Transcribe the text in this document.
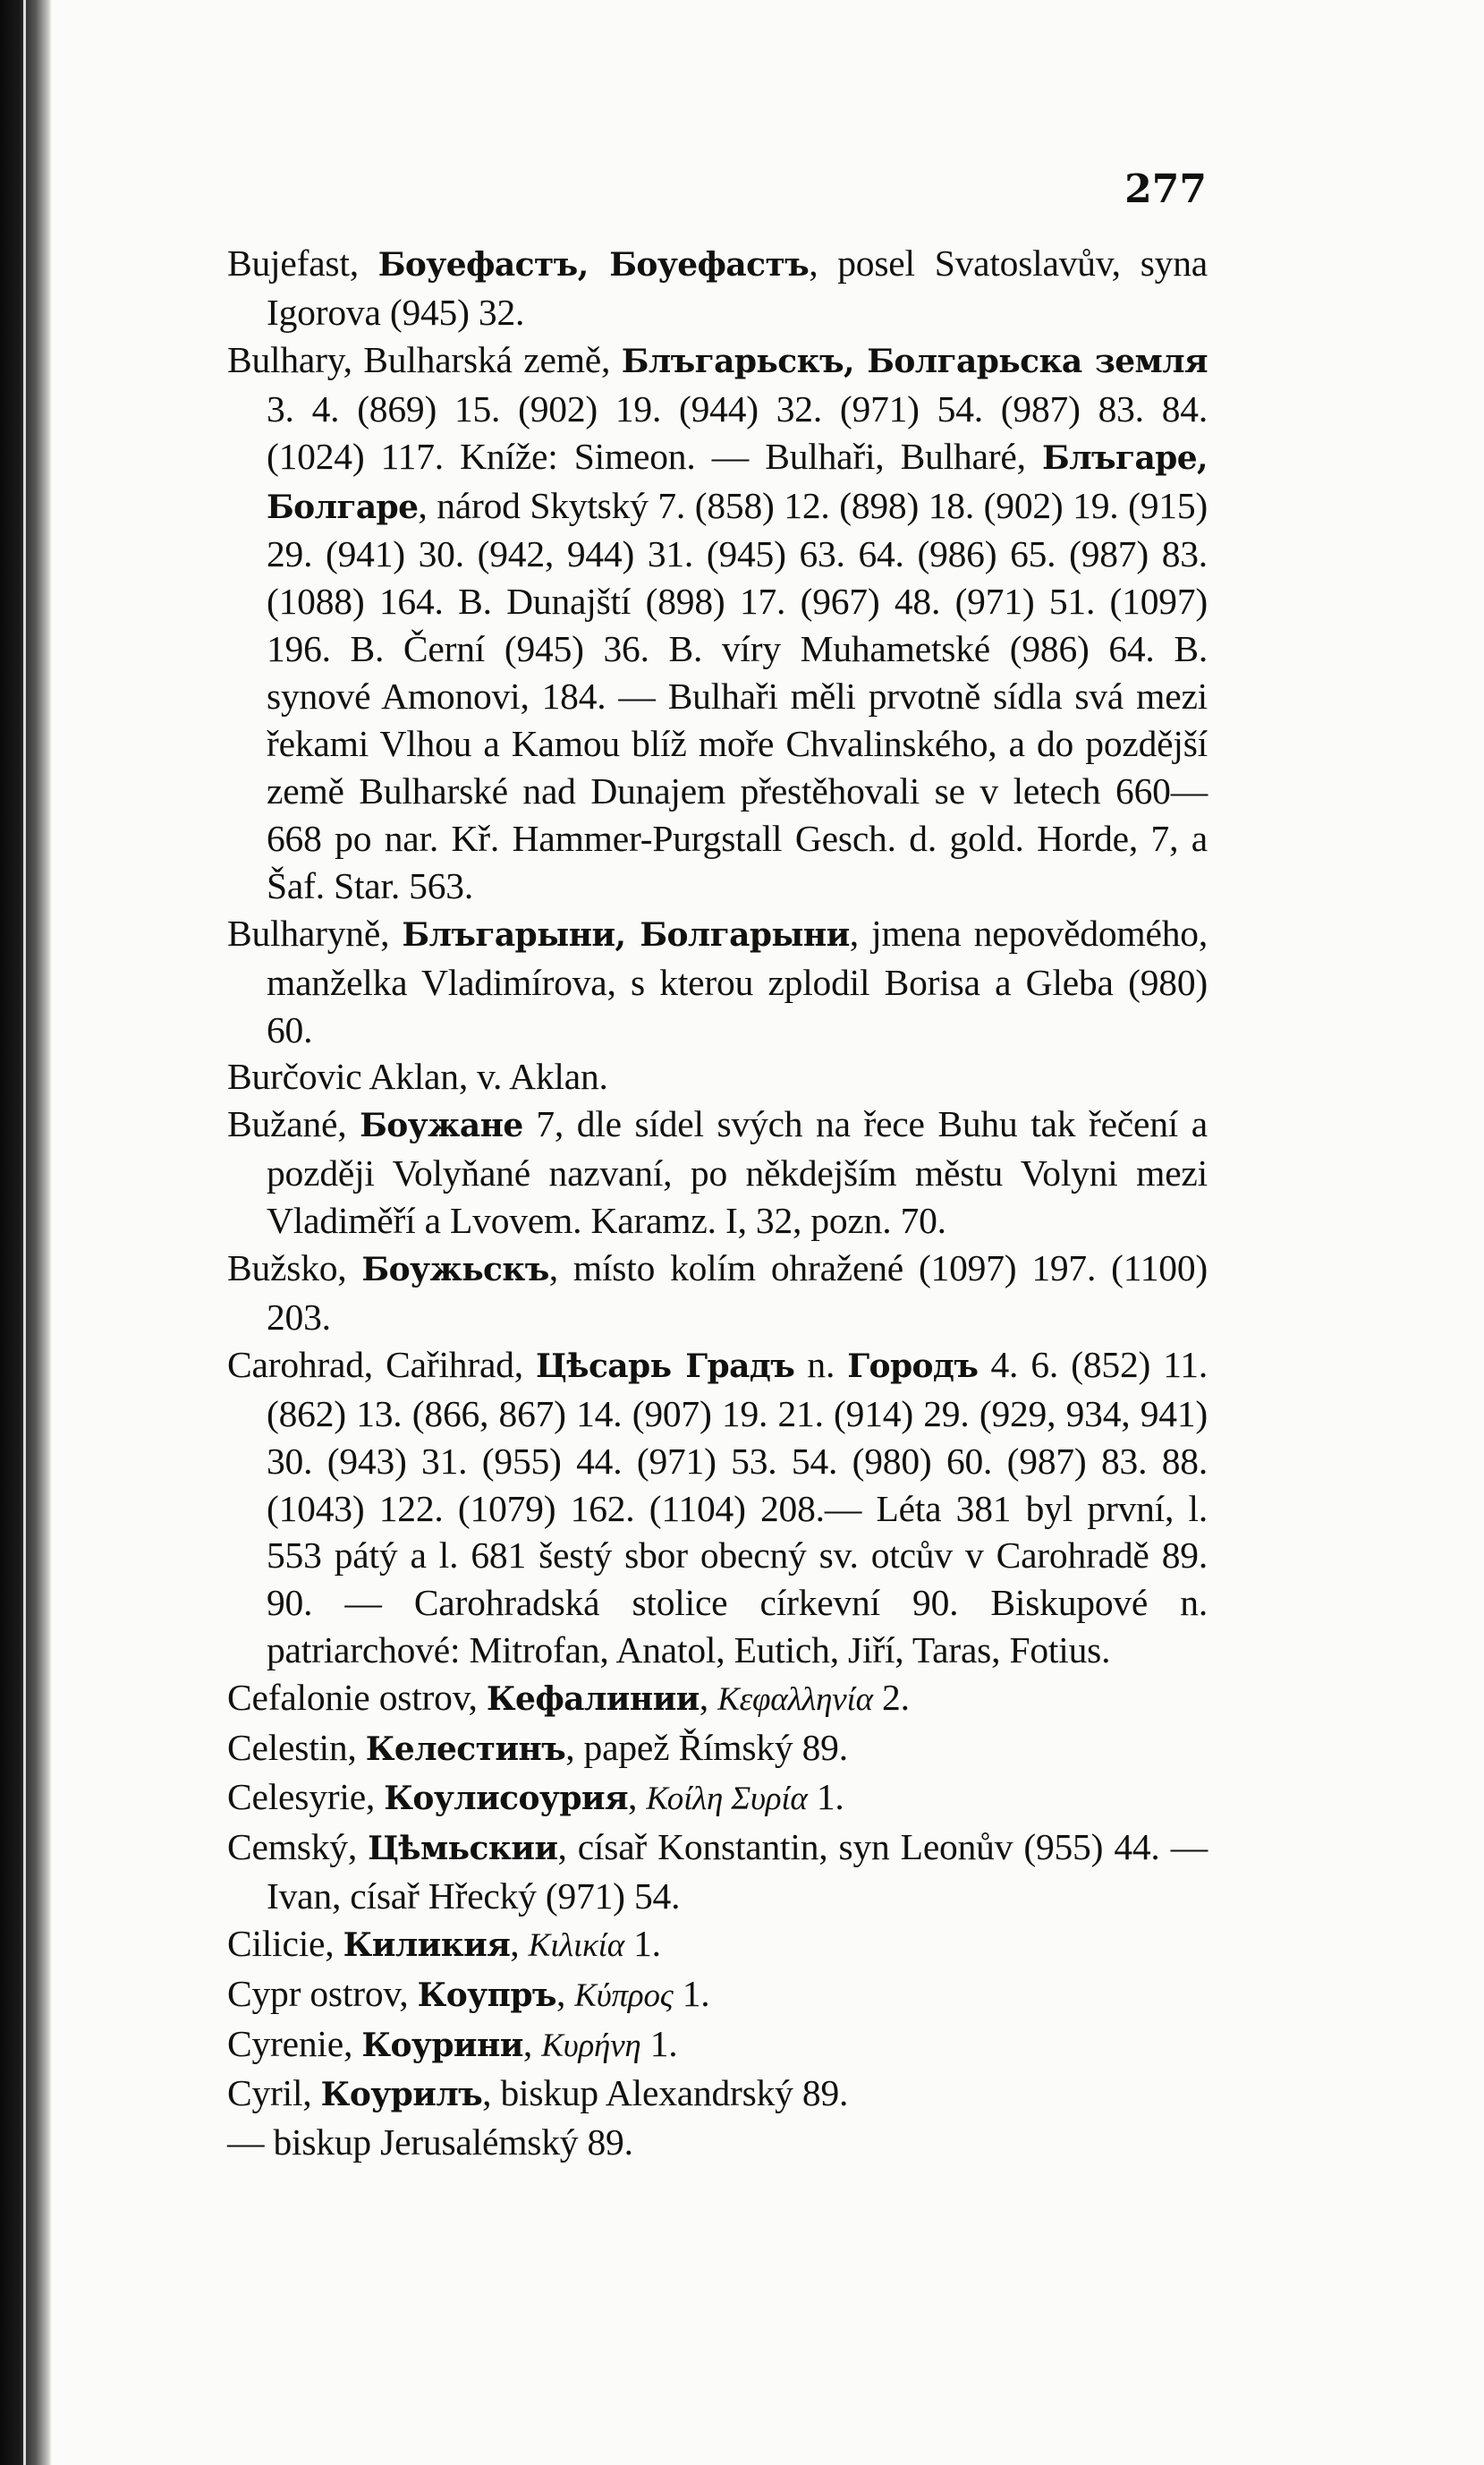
277

Bujefast, Боуефастъ, Боуефастъ, posel Svatoslavův, syna Igorova (945) 32.

Bulhary, Bulharská země, Блъгарьскъ, Болгарьска земля 3. 4. (869) 15. (902) 19. (944) 32. (971) 54. (987) 83. 84. (1024) 117. Kníže: Simeon. — Bulhaři, Bulharé, Блъгаре, Болгаре, národ Skytský 7. (858) 12. (898) 18. (902) 19. (915) 29. (941) 30. (942, 944) 31. (945) 63. 64. (986) 65. (987) 83. (1088) 164. B. Dunajští (898) 17. (967) 48. (971) 51. (1097) 196. B. Černí (945) 36. B. víry Muhametské (986) 64. B. synové Amonovi, 184. — Bulhaři měli prvotně sídla svá mezi řekami Vlhou a Kamou blíž moře Chvalinského, a do pozdější země Bulharské nad Dunajem přestěhovali se v letech 660—668 po nar. Kř. Hammer-Purgstall Gesch. d. gold. Horde, 7, a Šaf. Star. 563.

Bulharyně, Блъгарыни, Болгарыни, jmena nepovědomého, manželka Vladimírova, s kterou zplodil Borisa a Gleba (980) 60.

Burčovic Aklan, v. Aklan.

Bužané, Боужане 7, dle sídel svých na řece Buhu tak řečení a později Volyňané nazvaní, po někdejším městu Volyni mezi Vladiměří a Lvovem. Karamz. I, 32, pozn. 70.

Bužsko, Боужьскъ, místo kolím ohražené (1097) 197. (1100) 203.

Carohrad, Cařihrad, Цѣсарь Градъ n. Городъ 4. 6. (852) 11. (862) 13. (866, 867) 14. (907) 19. 21. (914) 29. (929, 934, 941) 30. (943) 31. (955) 44. (971) 53. 54. (980) 60. (987) 83. 88. (1043) 122. (1079) 162. (1104) 208.— Léta 381 byl první, l. 553 pátý a l. 681 šestý sbor obecný sv. otcův v Carohradě 89. 90. — Carohradská stolice církevní 90. Biskupové n. patriarchové: Mitrofan, Anatol, Eutich, Jiří, Taras, Fotius.

Cefalonie ostrov, Кефалинии, Κεφαλληνία 2.

Celestin, Келестинъ, papež Římský 89.

Celesyrie, Коулисоурия, Κοίλη Συρία 1.

Cemský, Цѣмьскии, císař Konstantin, syn Leonův (955) 44. — Ivan, císař Hřecký (971) 54.

Cilicie, Киликия, Κιλικία 1.

Cypr ostrov, Коупръ, Κύπρος 1.

Cyrenie, Коурини, Κυρήνη 1.

Cyril, Коурилъ, biskup Alexandrský 89.

— biskup Jerusalémský 89.
